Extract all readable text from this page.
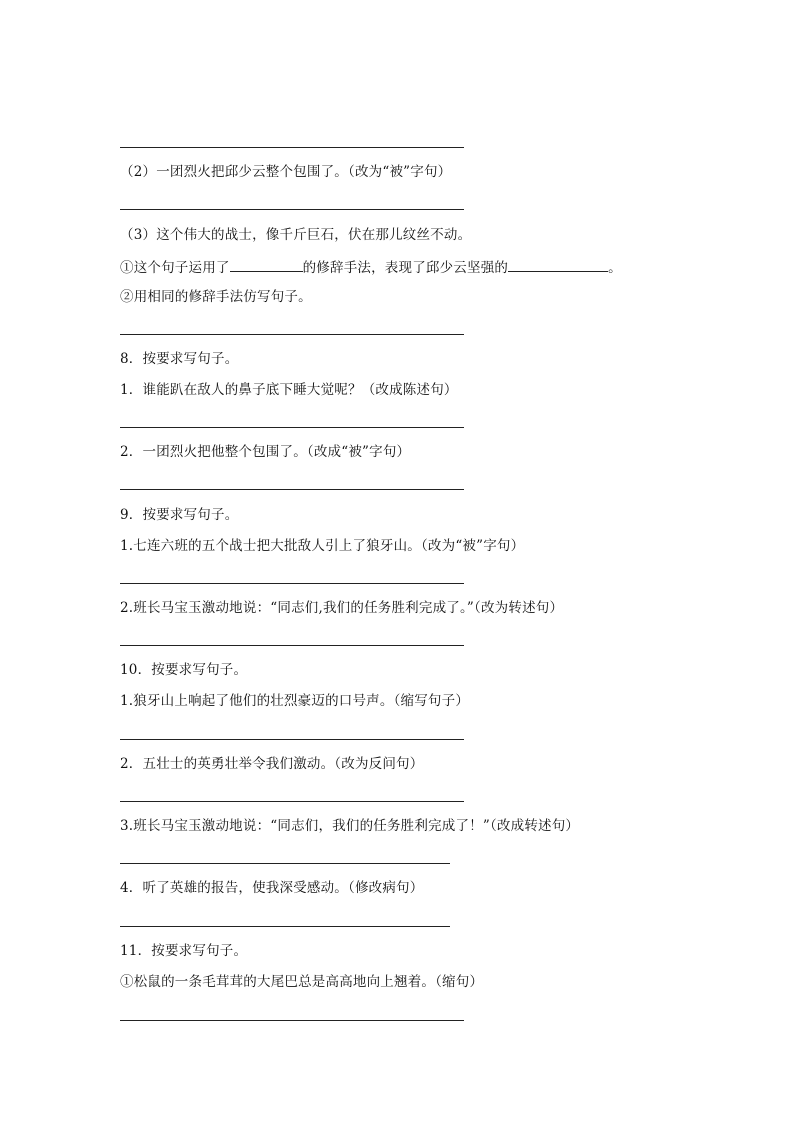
（2）一团烈火把邱少云整个包围了。（改为“被”字句）
（3）这个伟大的战士，像千斤巨石，伏在那儿纹丝不动。
①这个句子运用了	的修辞手法，表现了邱少云坚强的	。
②用相同的修辞手法仿写句子。
8．按要求写句子。
1．谁能趴在敌人的鼻子底下睡大觉呢？（改成陈述句）
2．一团烈火把他整个包围了。（改成“被”字句）
9．按要求写句子。
1.七连六班的五个战士把大批敌人引上了狼牙山。（改为“被”字句）
2.班长马宝玉激动地说：“同志们,我们的任务胜利完成了。”（改为转述句）
10．按要求写句子。
1.狼牙山上响起了他们的壮烈豪迈的口号声。（缩写句子）
2．五壮士的英勇壮举令我们激动。（改为反问句）
3.班长马宝玉激动地说：“同志们，我们的任务胜利完成了！”（改成转述句）
4．听了英雄的报告，使我深受感动。（修改病句）
11．按要求写句子。
①松鼠的一条毛茸茸的大尾巴总是高高地向上翘着。（缩句）
